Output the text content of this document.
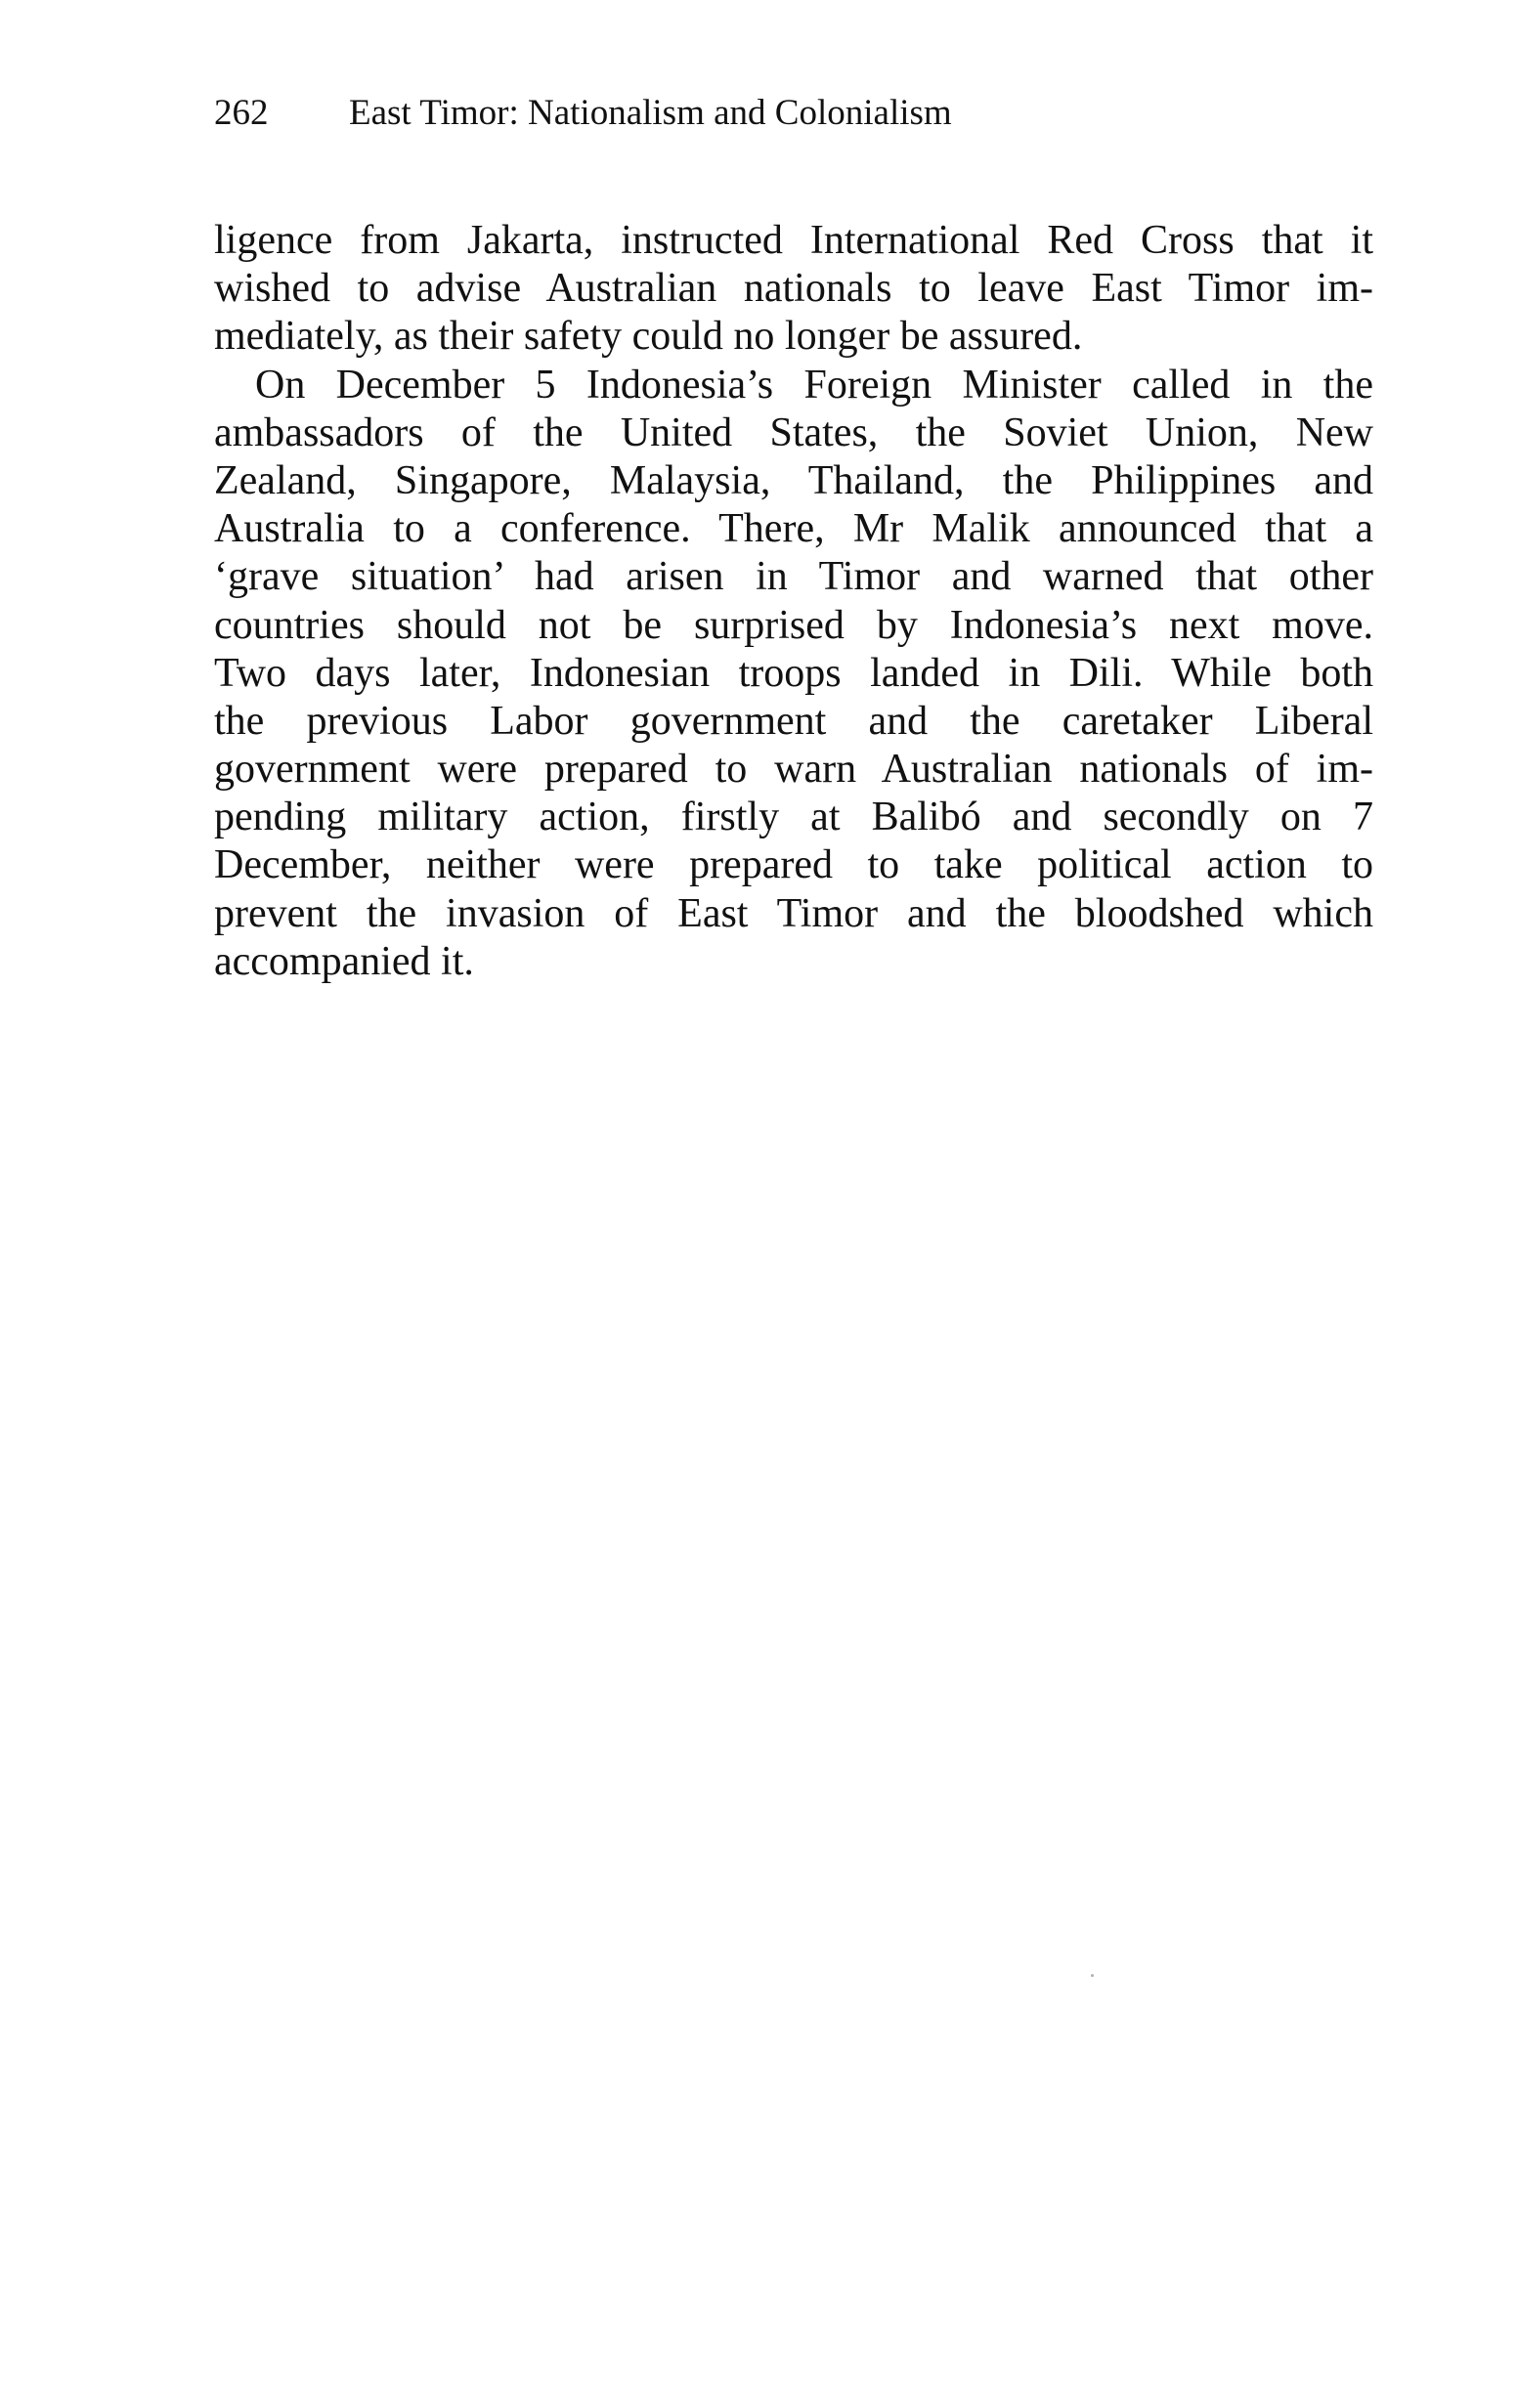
262 East Timor: Nationalism and Colonialism
ligence from Jakarta, instructed International Red Cross that it
wished to advise Australian nationals to leave East Timor im-
mediately, as their safety could no longer be assured.
On December 5 Indonesia’s Foreign Minister called in the
ambassadors of the United States, the Soviet Union, New
Zealand, Singapore, Malaysia, Thailand, the Philippines and
Australia to a conference. There, Mr Malik announced that a
‘grave situation’ had arisen in Timor and warned that other
countries should not be surprised by Indonesia’s next move.
Two days later, Indonesian troops landed in Dili. While both
the previous Labor government and the caretaker Liberal
government were prepared to warn Australian nationals of im-
pending military action, firstly at Balibó and secondly on 7
December, neither were prepared to take political action to
prevent the invasion of East Timor and the bloodshed which
accompanied it.
